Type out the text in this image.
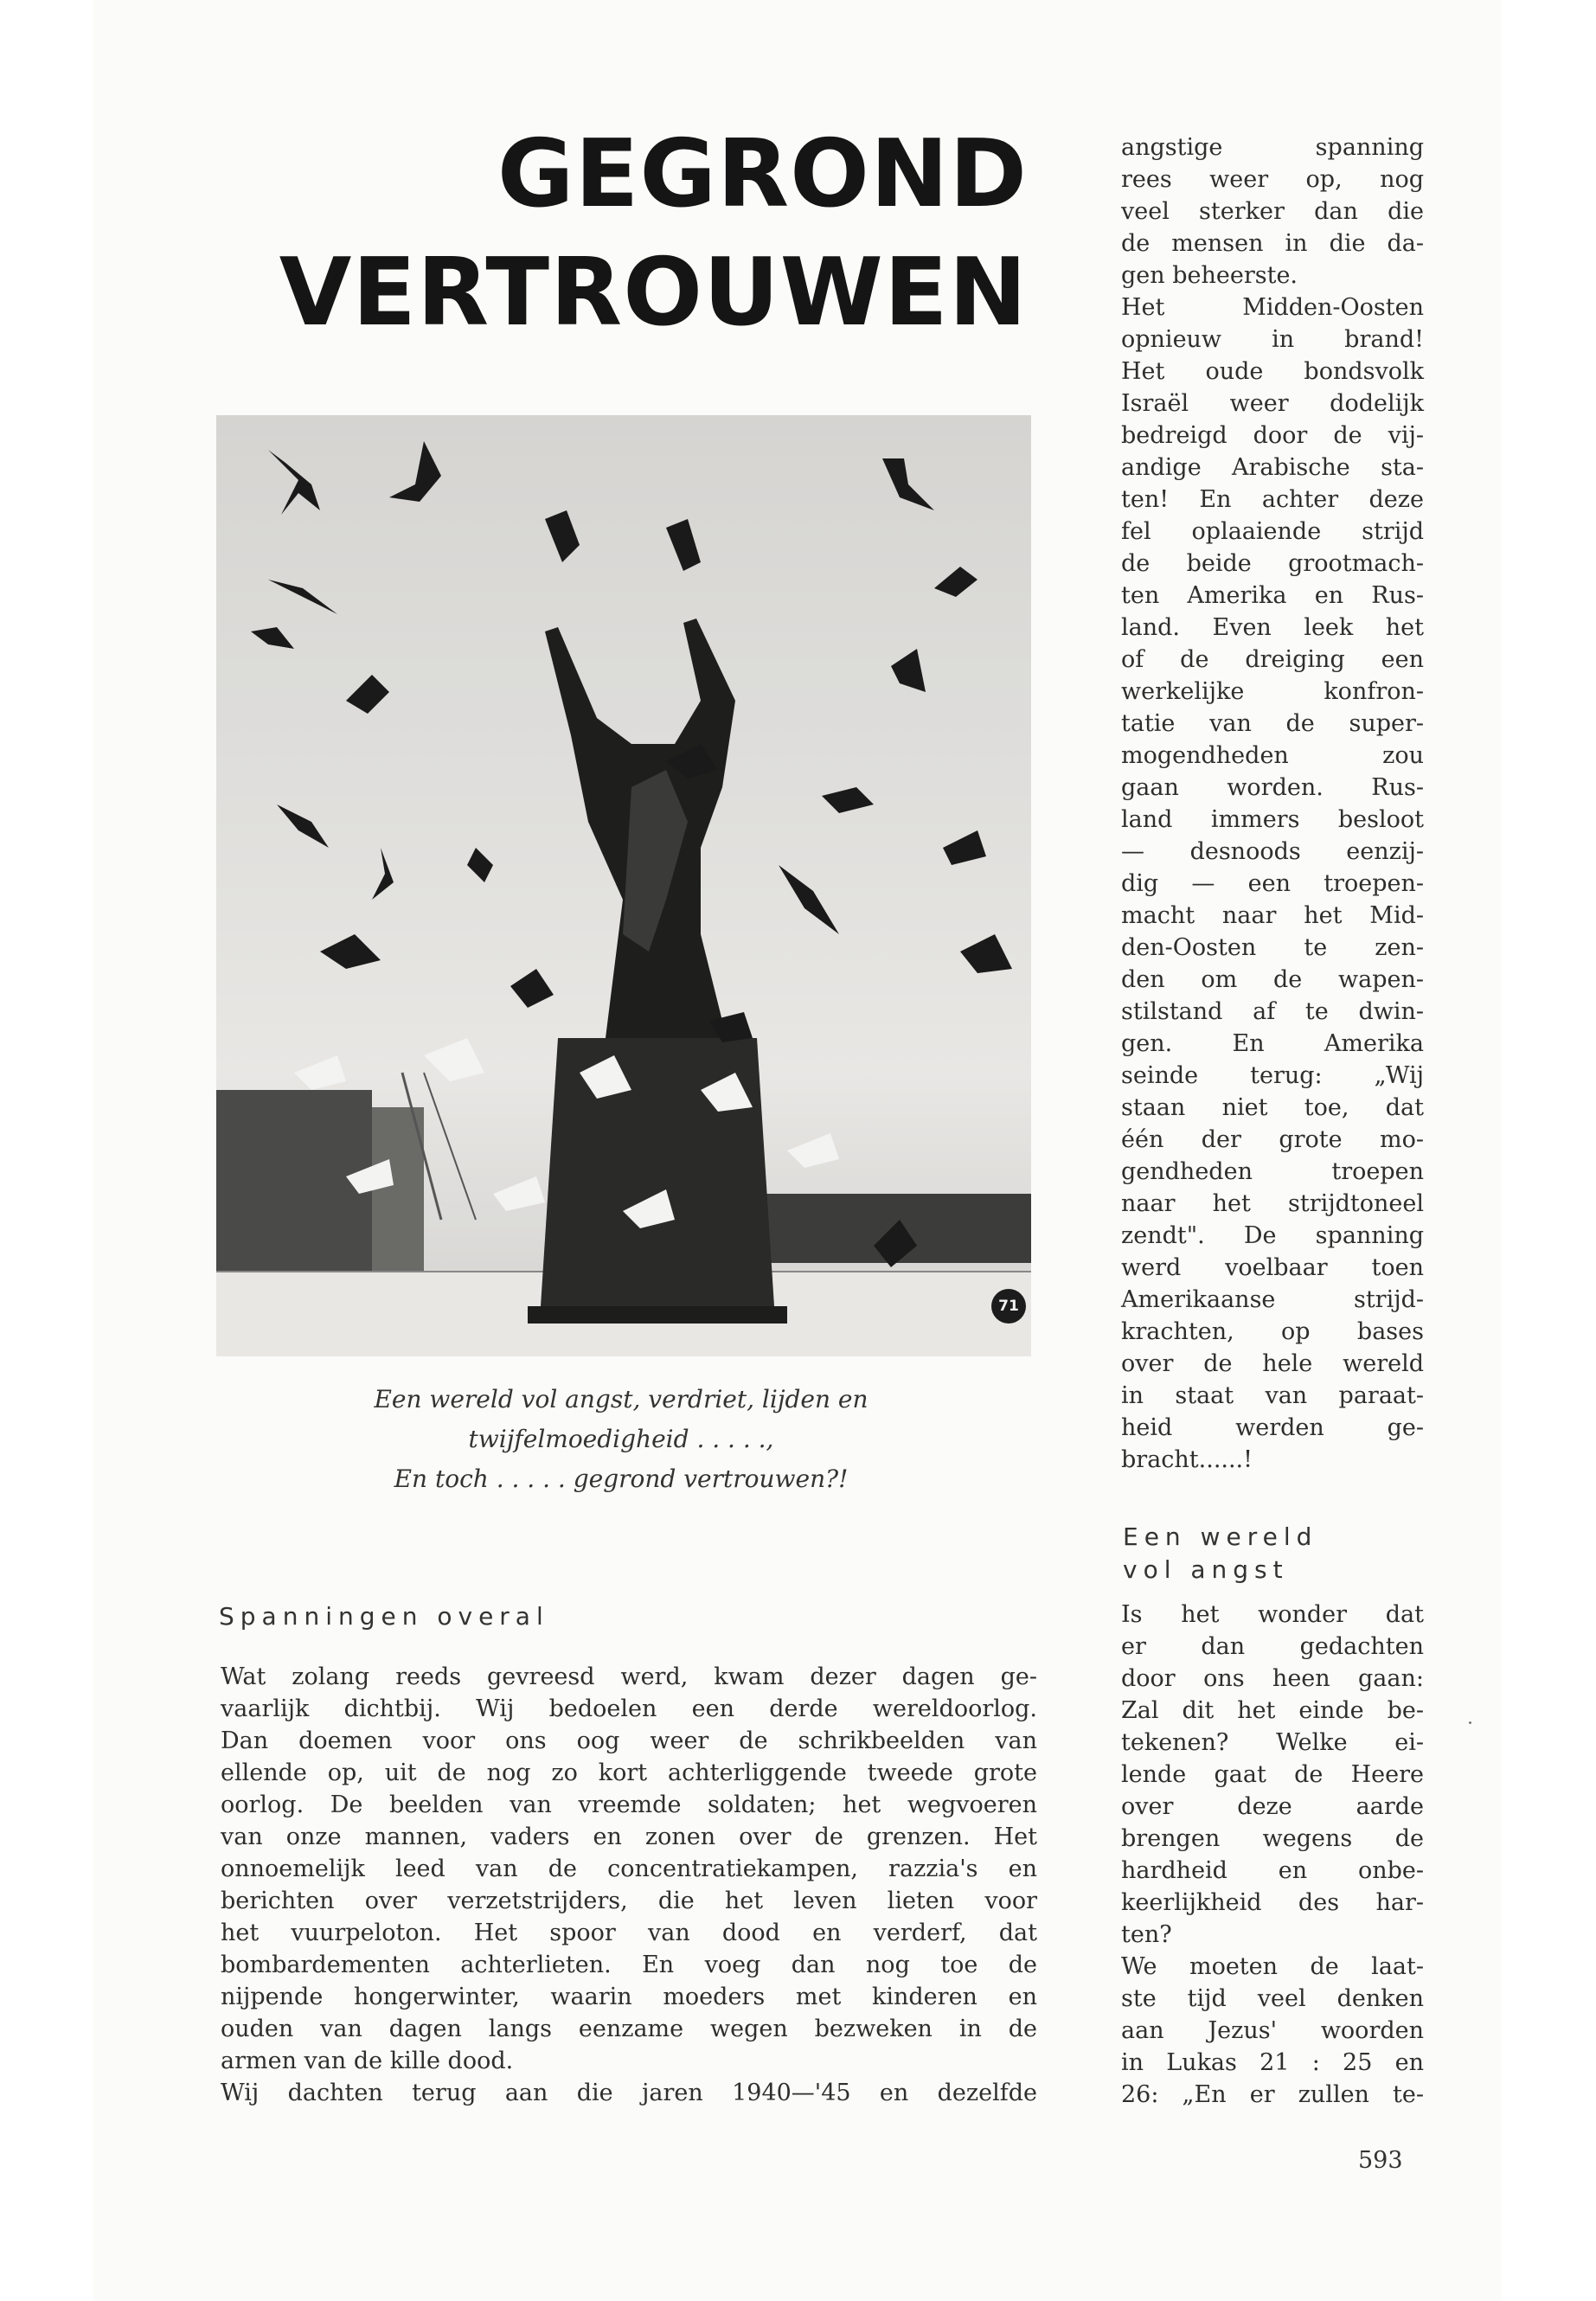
GEGROND
VERTROUWEN
71
Een wereld vol angst, verdriet, lijden en
twijfelmoedigheid . . . . .,
En toch . . . . . gegrond vertrouwen?!
Spanningen overal
Wat zolang reeds gevreesd werd, kwam dezer dagen ge-
vaarlijk dichtbij. Wij bedoelen een derde wereldoorlog.
Dan doemen voor ons oog weer de schrikbeelden van
ellende op, uit de nog zo kort achterliggende tweede grote
oorlog. De beelden van vreemde soldaten; het wegvoeren
van onze mannen, vaders en zonen over de grenzen. Het
onnoemelijk leed van de concentratiekampen, razzia's en
berichten over verzetstrijders, die het leven lieten voor
het vuurpeloton. Het spoor van dood en verderf, dat
bombardementen achterlieten. En voeg dan nog toe de
nijpende hongerwinter, waarin moeders met kinderen en
ouden van dagen langs eenzame wegen bezweken in de
armen van de kille dood.
Wij dachten terug aan die jaren 1940—'45 en dezelfde
angstige spanning
rees weer op, nog
veel sterker dan die
de mensen in die da-
gen beheerste.
Het Midden-Oosten
opnieuw in brand!
Het oude bondsvolk
Israël weer dodelijk
bedreigd door de vij-
andige Arabische sta-
ten! En achter deze
fel oplaaiende strijd
de beide grootmach-
ten Amerika en Rus-
land. Even leek het
of de dreiging een
werkelijke konfron-
tatie van de super-
mogendheden zou
gaan worden. Rus-
land immers besloot
— desnoods eenzij-
dig — een troepen-
macht naar het Mid-
den-Oosten te zen-
den om de wapen-
stilstand af te dwin-
gen. En Amerika
seinde terug: „Wij
staan niet toe, dat
één der grote mo-
gendheden troepen
naar het strijdtoneel
zendt". De spanning
werd voelbaar toen
Amerikaanse strijd-
krachten, op bases
over de hele wereld
in staat van paraat-
heid werden ge-
bracht......!
Een wereld
vol angst
Is het wonder dat
er dan gedachten
door ons heen gaan:
Zal dit het einde be-
tekenen? Welke ei-
lende gaat de Heere
over deze aarde
brengen wegens de
hardheid en onbe-
keerlijkheid des har-
ten?
We moeten de laat-
ste tijd veel denken
aan Jezus' woorden
in Lukas 21 : 25 en
26: „En er zullen te-

593
